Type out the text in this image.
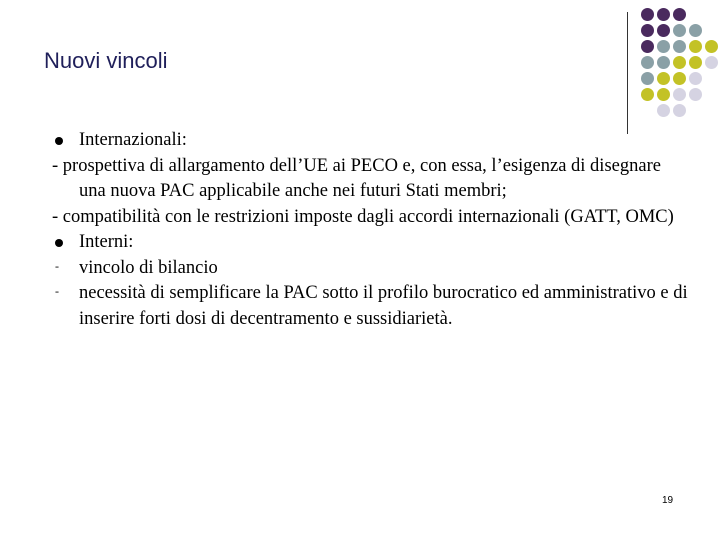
Nuovi vincoli
Internazionali:
- prospettiva di allargamento dell’UE ai PECO e, con essa, l’esigenza di disegnare una nuova PAC applicabile anche nei futuri Stati membri;
- compatibilità con le restrizioni imposte dagli accordi internazionali (GATT, OMC)
Interni:
- vincolo di bilancio
- necessità di semplificare la PAC sotto il profilo burocratico ed amministrativo e di inserire forti dosi di decentramento e sussidiarietà.
19
